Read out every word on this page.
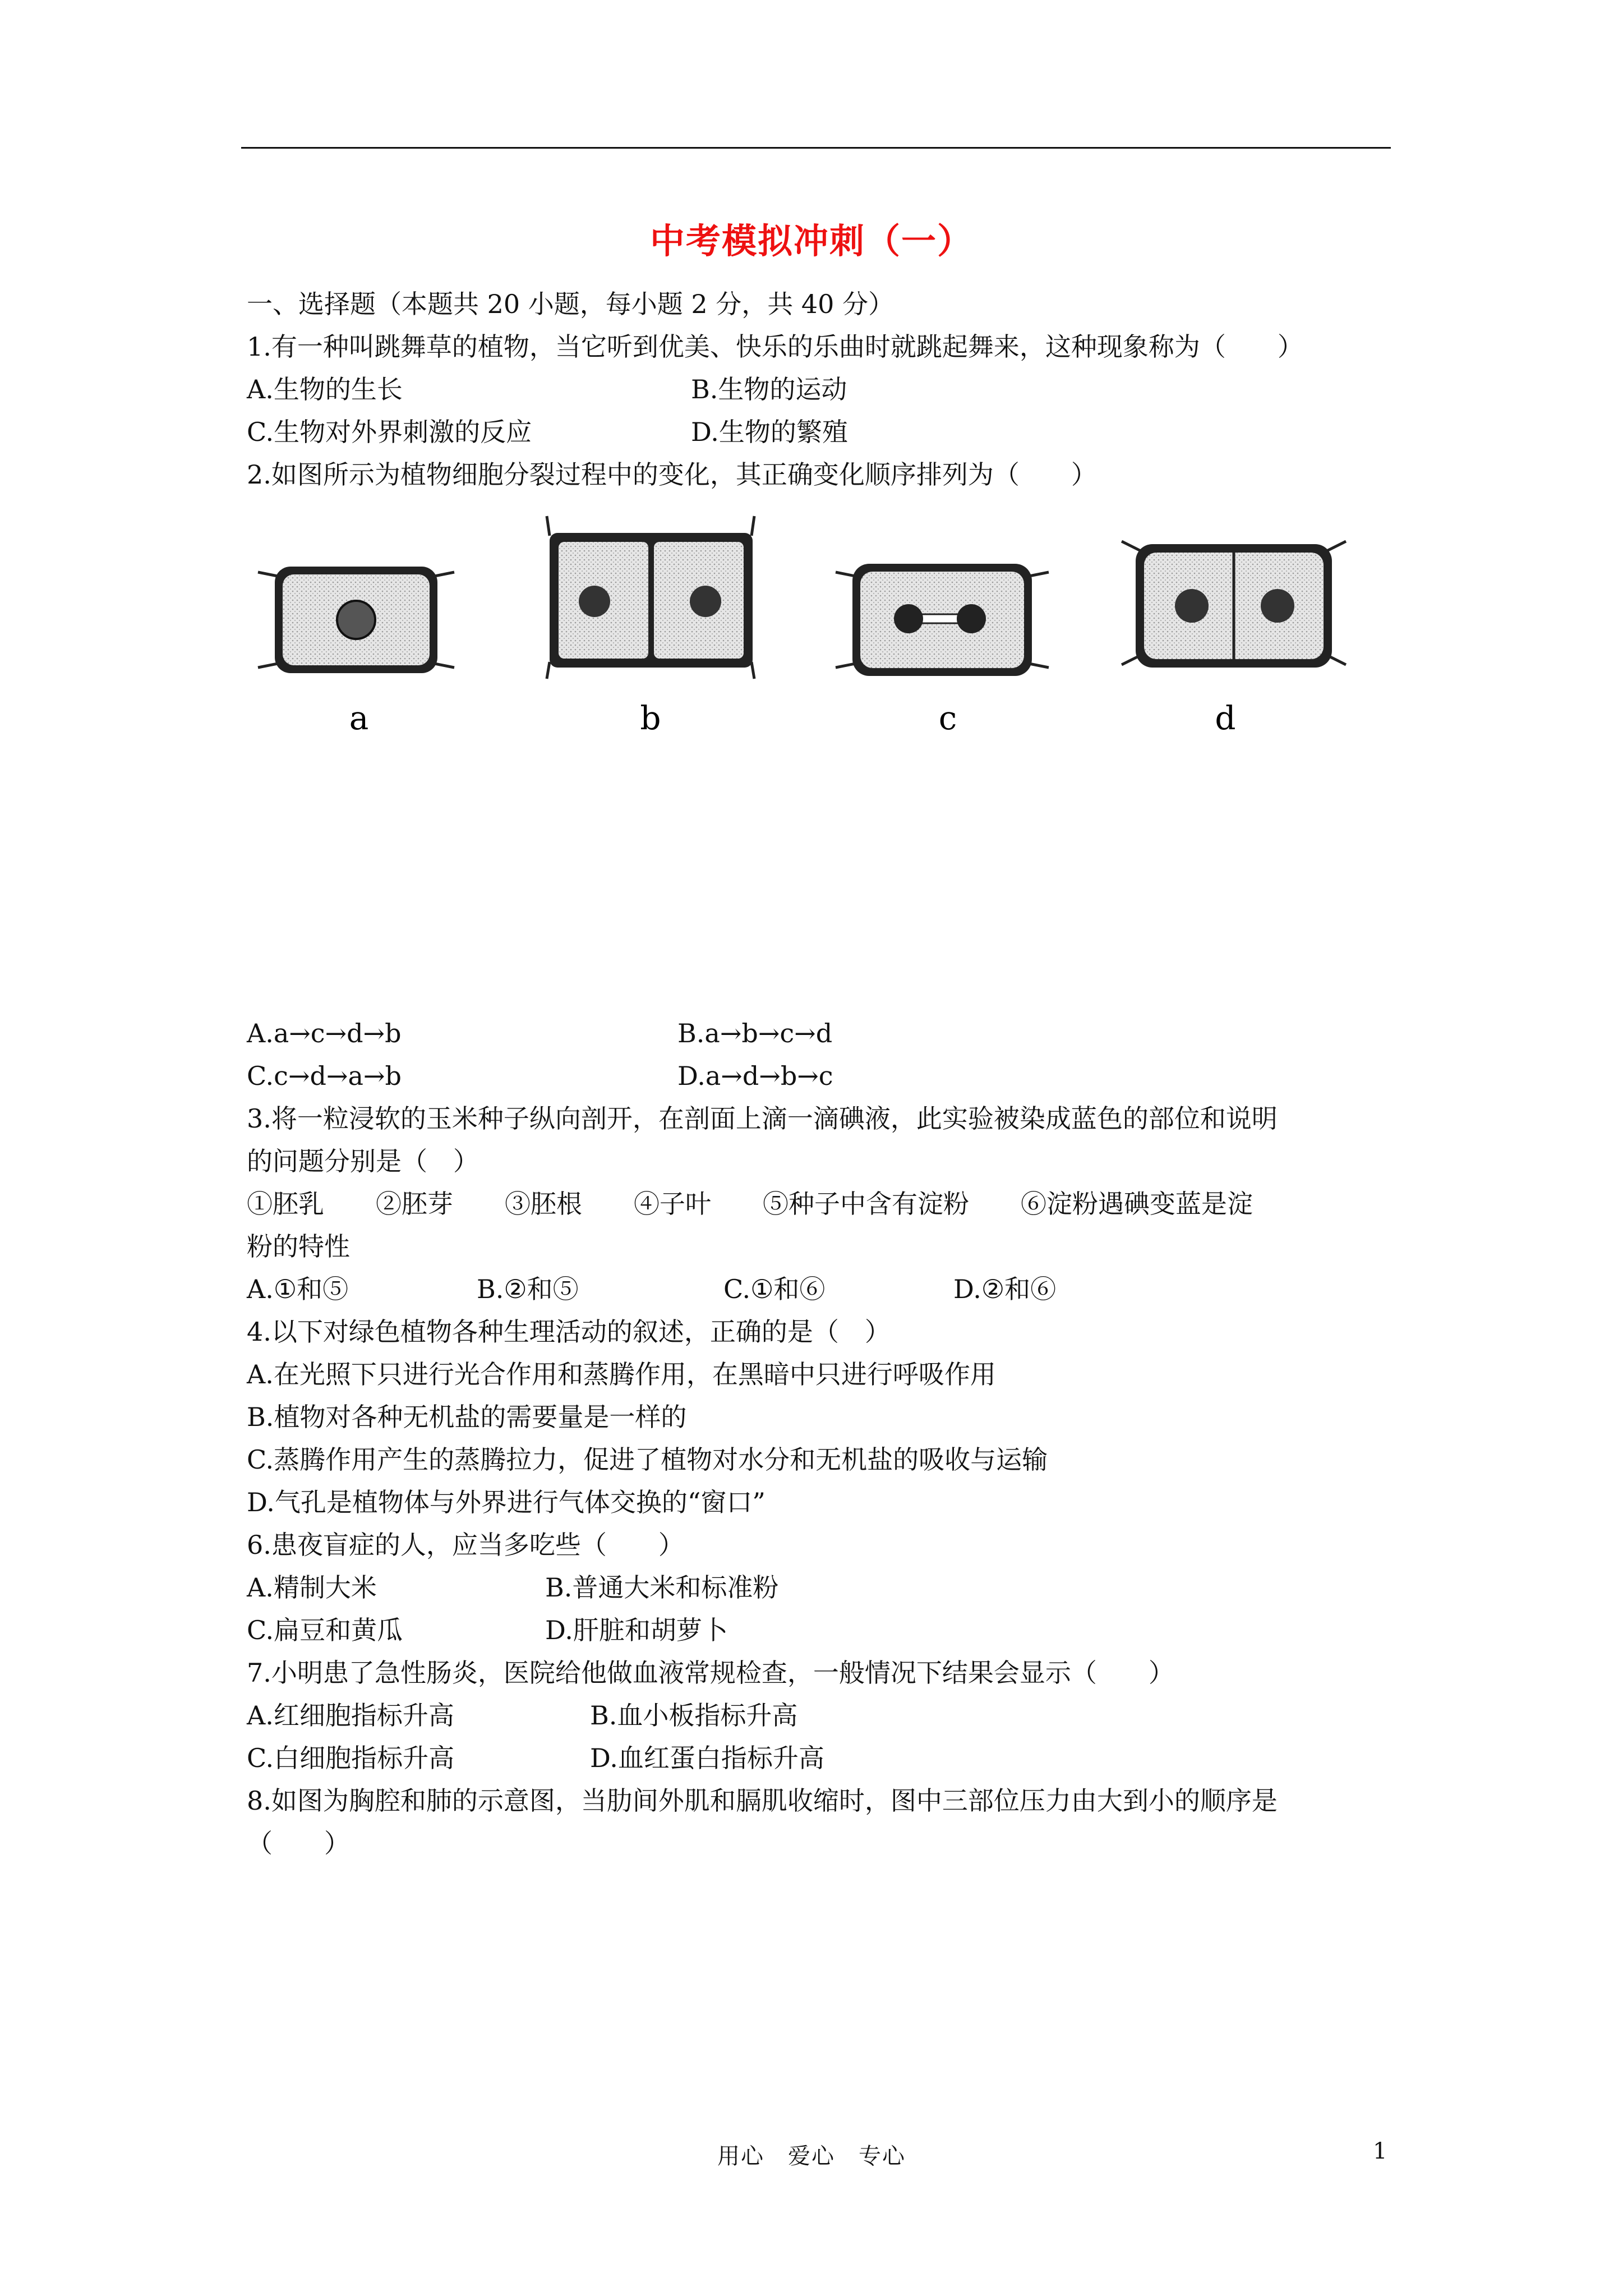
中考模拟冲刺（一）
一、选择题（本题共 20 小题，每小题 2 分，共 40 分）
1.有一种叫跳舞草的植物，当它听到优美、快乐的乐曲时就跳起舞来，这种现象称为（　　）
A.生物的生长	B.生物的运动
C.生物对外界刺激的反应	D.生物的繁殖
2.如图所示为植物细胞分裂过程中的变化，其正确变化顺序排列为（　　）
a	b	c	d
A.a→c→d→b	B.a→b→c→d
C.c→d→a→b	D.a→d→b→c
3.将一粒浸软的玉米种子纵向剖开，在剖面上滴一滴碘液，此实验被染成蓝色的部位和说明
的问题分别是（　）
①胚乳　　②胚芽　　③胚根　　④子叶　　⑤种子中含有淀粉　　⑥淀粉遇碘变蓝是淀
粉的特性
A.①和⑤	B.②和⑤	C.①和⑥	D.②和⑥
4.以下对绿色植物各种生理活动的叙述，正确的是（　）
A.在光照下只进行光合作用和蒸腾作用，在黑暗中只进行呼吸作用
B.植物对各种无机盐的需要量是一样的
C.蒸腾作用产生的蒸腾拉力，促进了植物对水分和无机盐的吸收与运输
D.气孔是植物体与外界进行气体交换的“窗口”
6.患夜盲症的人，应当多吃些（　　）
A.精制大米	B.普通大米和标准粉
C.扁豆和黄瓜	D.肝脏和胡萝卜
7.小明患了急性肠炎，医院给他做血液常规检查，一般情况下结果会显示（　　）
A.红细胞指标升高	B.血小板指标升高
C.白细胞指标升高	D.血红蛋白指标升高
8.如图为胸腔和肺的示意图，当肋间外肌和膈肌收缩时，图中三部位压力由大到小的顺序是
（　　）
用心　爱心　专心	1
